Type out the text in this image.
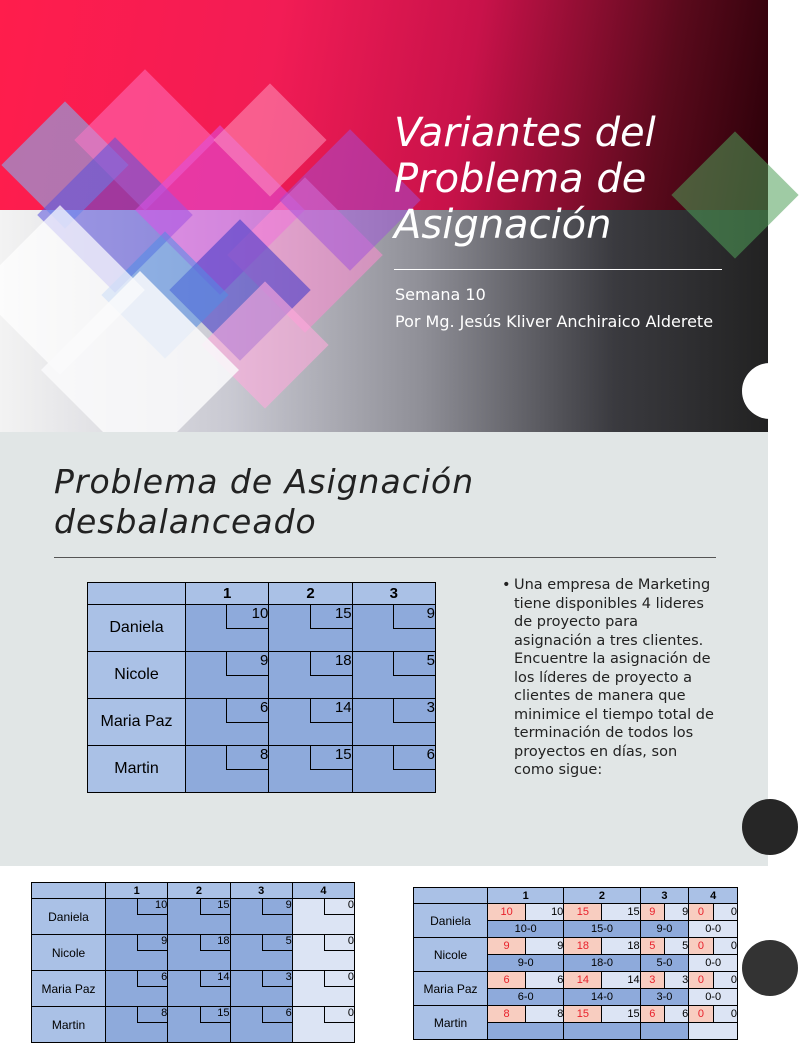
Variantes del
Problema de
Asignación
Semana 10
Por Mg. Jesús Kliver Anchiraico Alderete
Problema de Asignación
desbalanceado
	1	2	3
Daniela	10	15	9

Nicole	9	18	5

Maria Paz	6	14	3

Martin	8	15	6
• Una empresa de Marketing tiene disponibles 4 lideres de proyecto para asignación a tres clientes. Encuentre la asignación de los líderes de proyecto a clientes de manera que minimice el tiempo total de terminación de todos los proyectos en días, son como sigue:
	1	2	3	4
Daniela	10	15	9	0

Nicole	9	18	5	0

Maria Paz	6	14	3	0

Martin	8	15	6	0
	1		2		3		4	
Daniela	10	10	15	15	9	9	0	0
	10-0		15-0		9-0		0-0	
Nicole	9	9	18	18	5	5	0	0
	9-0		18-0		5-0		0-0	
Maria Paz	6	6	14	14	3	3	0	0
	6-0		14-0		3-0		0-0	
Martin	8	8	15	15	6	6	0	0
